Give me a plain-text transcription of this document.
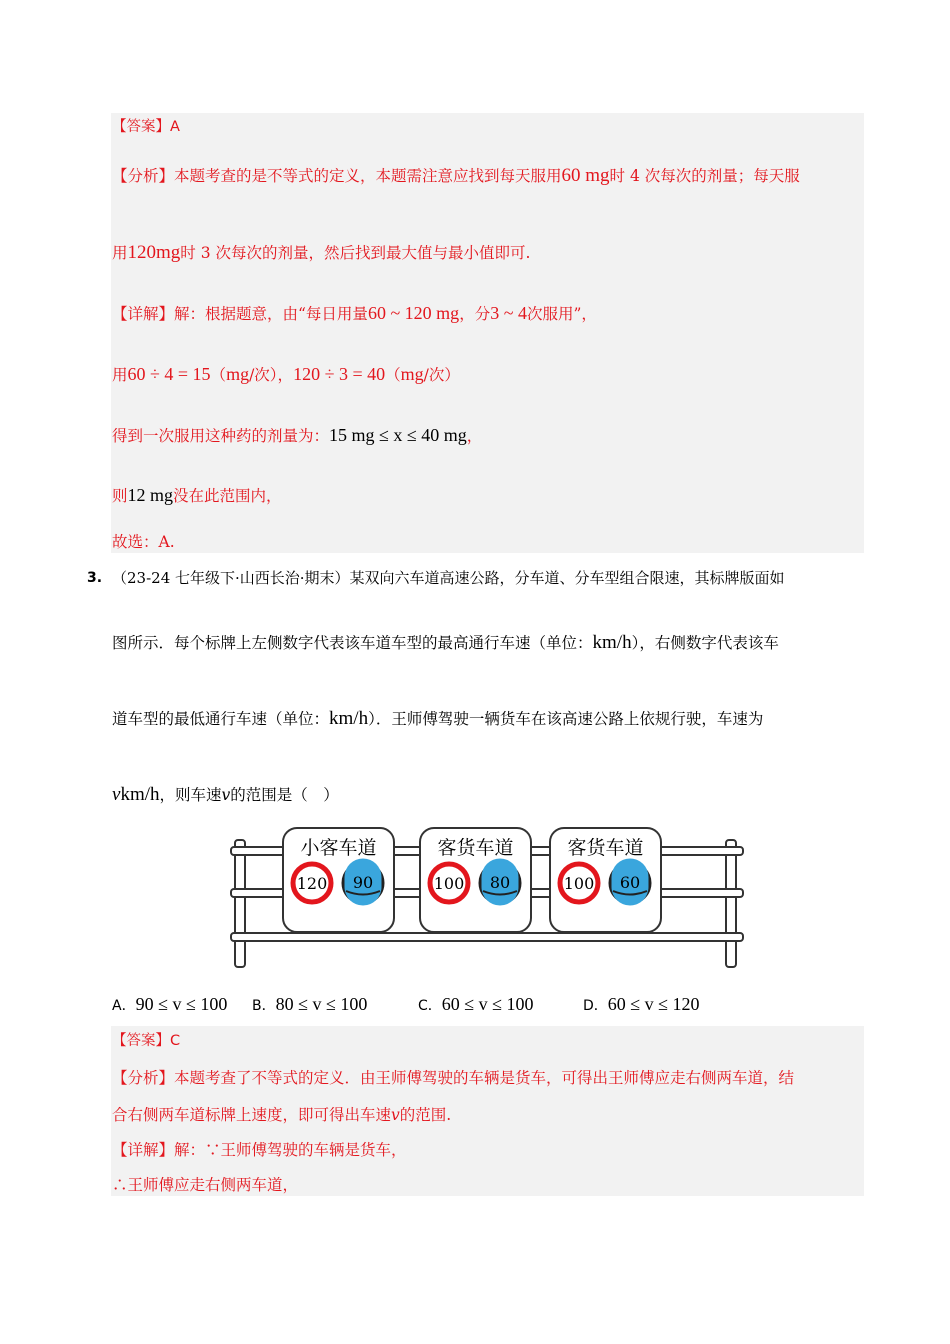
【答案】A
【分析】本题考查的是不等式的定义，本题需注意应找到每天服用60 mg时 4 次每次的剂量；每天服
用120mg时 3 次每次的剂量，然后找到最大值与最小值即可.
【详解】解：根据题意，由“每日用量60 ~ 120 mg，分3 ~ 4次服用”，
用60 ÷ 4 = 15（mg/次），120 ÷ 3 = 40（mg/次）
得到一次服用这种药的剂量为：15 mg ≤ x ≤ 40 mg，
则12 mg没在此范围内，
故选：A.
3. （23-24 七年级下·山西长治·期末）某双向六车道高速公路，分车道、分车型组合限速，其标牌版面如
图所示．每个标牌上左侧数字代表该车道车型的最高通行车速（单位：km/h），右侧数字代表该车
道车型的最低通行车速（单位：km/h）．王师傅驾驶一辆货车在该高速公路上依规行驶，车速为
vkm/h，则车速v的范围是（　）
小客车道
120 90
客货车道
100 80
客货车道
100 60
A．90 ≤ v ≤ 100 B．80 ≤ v ≤ 100	C．60 ≤ v ≤ 100	D．60 ≤ v ≤ 120
【答案】C
【分析】本题考查了不等式的定义．由王师傅驾驶的车辆是货车，可得出王师傅应走右侧两车道，结
合右侧两车道标牌上速度，即可得出车速v的范围.
【详解】解：∵王师傅驾驶的车辆是货车，
∴王师傅应走右侧两车道，
